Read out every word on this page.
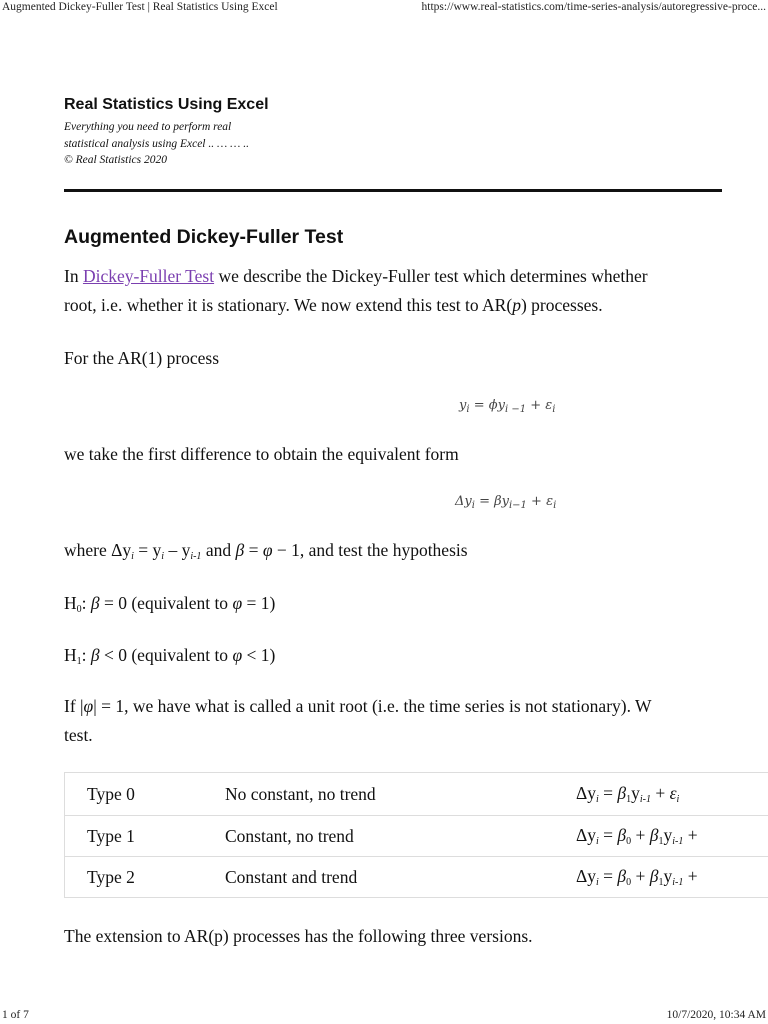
Augmented Dickey-Fuller Test | Real Statistics Using Excel	https://www.real-statistics.com/time-series-analysis/autoregressive-proce...
Real Statistics Using Excel
Everything you need to perform real
statistical analysis using Excel .. … … ..
© Real Statistics 2020
Augmented Dickey-Fuller Test

In Dickey-Fuller Test we describe the Dickey-Fuller test which determines whether
root, i.e. whether it is stationary. We now extend this test to AR(p) processes.

For the AR(1) process

$y_i = \phi y_{i -1} + \varepsilon_i$

we take the first difference to obtain the equivalent form

$\Delta y_i = \beta y_{i-1} + \varepsilon_i$

where $\Delta y_i = y_i - y_{i-1}$ and β = φ − 1, and test the hypothesis

$H_0$: β = 0 (equivalent to φ = 1)

$H_1$: β < 0 (equivalent to φ < 1)

If |φ| = 1, we have what is called a unit root (i.e. the time series is not stationary). W
test.

Type 0	No constant, no trend	$\Delta y_i = \beta_1y_{i-1} + \varepsilon_i$
Type 1	Constant, no trend	$\Delta y_i = \beta_0 + \beta_1y_{i-1}$ +
Type 2	Constant and trend	$\Delta y_i = \beta_0 + \beta_1y_{i-1}$ +

The extension to AR(p) processes has the following three versions.

1 of 7	10/7/2020, 10:34 AM
